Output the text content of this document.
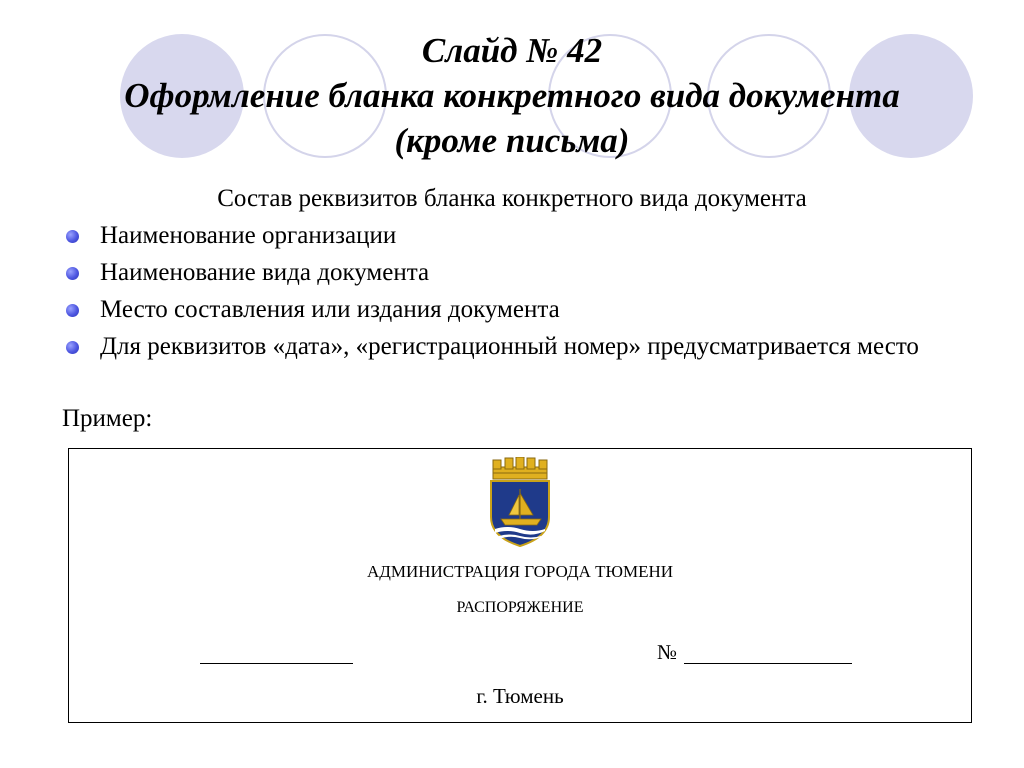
Слайд № 42
Оформление бланка конкретного вида документа
(кроме письма)
Состав реквизитов бланка конкретного вида документа
Наименование организации
Наименование вида документа
Место составления или издания документа
Для реквизитов «дата», «регистрационный номер» предусматривается место
Пример:
АДМИНИСТРАЦИЯ ГОРОДА ТЮМЕНИ
РАСПОРЯЖЕНИЕ
№
г. Тюмень
